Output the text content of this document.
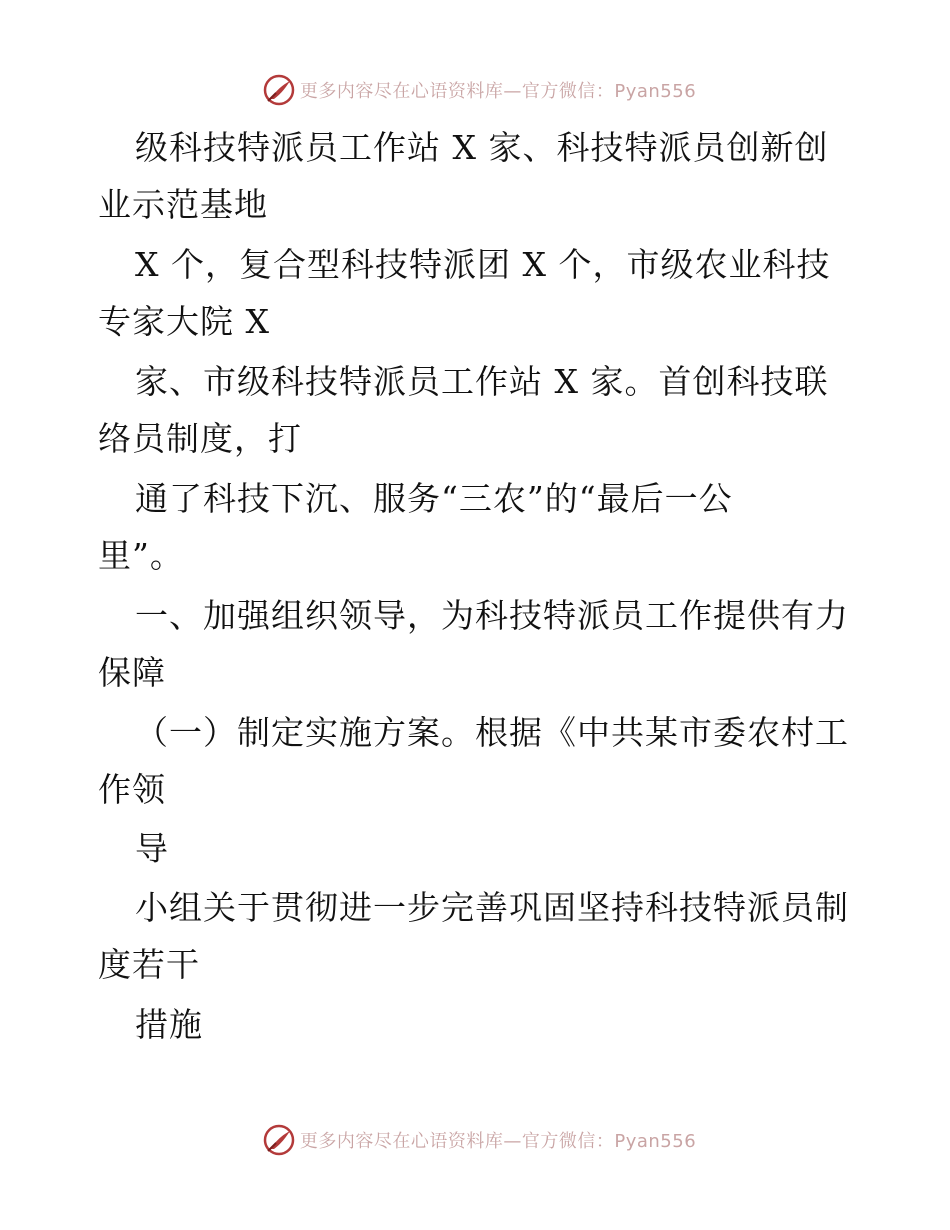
更多内容尽在心语资料库—官方微信：Pyan556
级科技特派员工作站 X 家、科技特派员创新创
业示范基地
X 个，复合型科技特派团 X 个，市级农业科技
专家大院 X
家、市级科技特派员工作站 X 家。首创科技联
络员制度，打
通了科技下沉、服务“三农”的“最后一公
里”。
一、加强组织领导，为科技特派员工作提供有力
保障
（一）制定实施方案。根据《中共某市委农村工
作领
导
小组关于贯彻进一步完善巩固坚持科技特派员制
度若干
措施
更多内容尽在心语资料库—官方微信：Pyan556
